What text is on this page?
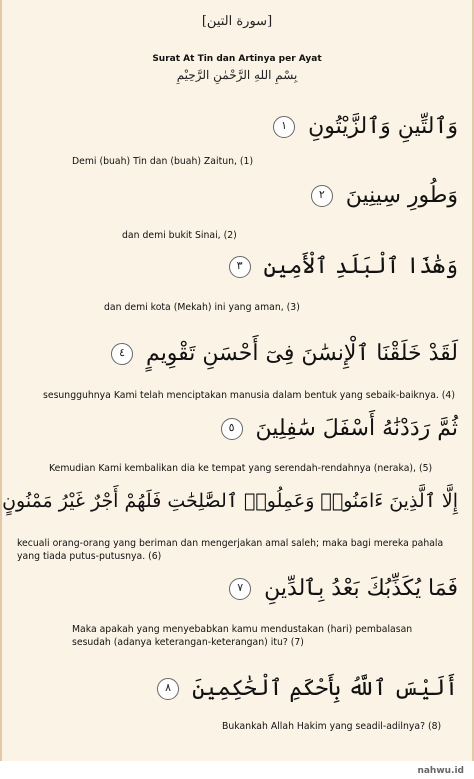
[سورة التين]
Surat At Tin dan Artinya per Ayat
بِسْمِ اللهِ الرَّحْمٰنِ الرَّحِيْمِ
وَٱلتِّينِ وَٱلزَّيْتُونِ ١
Demi (buah) Tin dan (buah) Zaitun, (1)
وَطُورِ سِينِينَ ٢
dan demi bukit Sinai, (2)
وَهَٰذَا ٱلْبَلَدِ ٱلْأَمِينِ ٣
dan demi kota (Mekah) ini yang aman, (3)
لَقَدْ خَلَقْنَا ٱلْإِنسَٰنَ فِىٓ أَحْسَنِ تَقْوِيمٍ ٤
sesungguhnya Kami telah menciptakan manusia dalam bentuk yang sebaik-baiknya. (4)
ثُمَّ رَدَدْنَٰهُ أَسْفَلَ سَٰفِلِينَ ٥
Kemudian Kami kembalikan dia ke tempat yang serendah-rendahnya (neraka), (5)
إِلَّا ٱلَّذِينَ ءَامَنُوا۟ وَعَمِلُوا۟ ٱلصَّٰلِحَٰتِ فَلَهُمْ أَجْرٌ غَيْرُ مَمْنُونٍ
kecuali orang-orang yang beriman dan mengerjakan amal saleh; maka bagi mereka pahala yang tiada putus-putusnya. (6)
فَمَا يُكَذِّبُكَ بَعْدُ بِٱلدِّينِ ٧
Maka apakah yang menyebabkan kamu mendustakan (hari) pembalasan sesudah (adanya keterangan-keterangan) itu? (7)
أَلَيْسَ ٱللَّهُ بِأَحْكَمِ ٱلْحَٰكِمِينَ ٨
Bukankah Allah Hakim yang seadil-adilnya? (8)
nahwu.id
